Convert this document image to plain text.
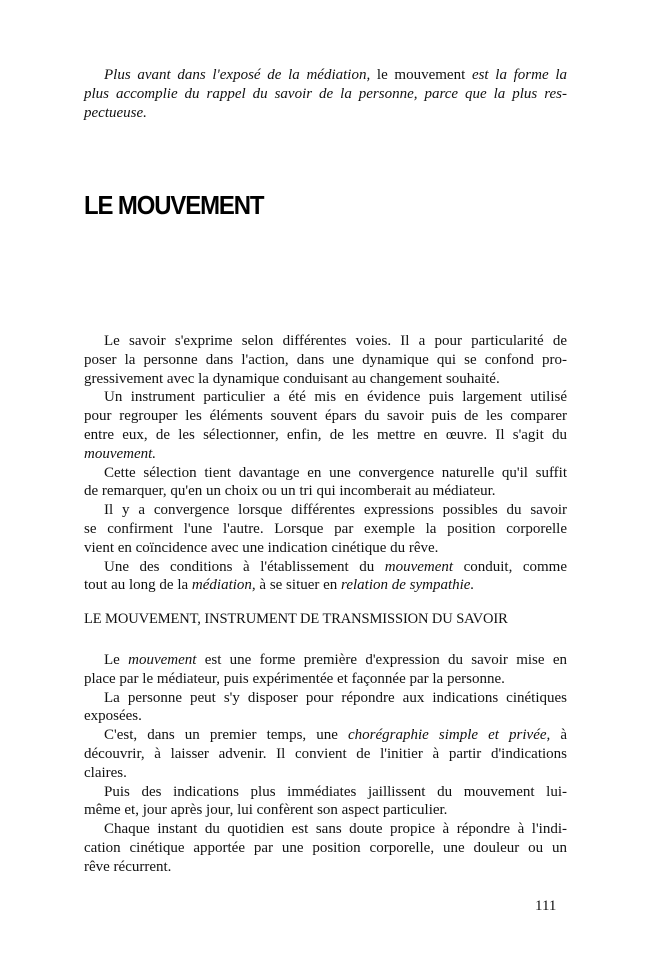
Plus avant dans l'exposé de la médiation, le mouvement est la forme la
plus accomplie du rappel du savoir de la personne, parce que la plus res-
pectueuse.
LE MOUVEMENT
Le savoir s'exprime selon différentes voies. Il a pour particularité de
poser la personne dans l'action, dans une dynamique qui se confond pro-
gressivement avec la dynamique conduisant au changement souhaité.
Un instrument particulier a été mis en évidence puis largement utilisé
pour regrouper les éléments souvent épars du savoir puis de les comparer
entre eux, de les sélectionner, enfin, de les mettre en œuvre. Il s'agit du
mouvement.
Cette sélection tient davantage en une convergence naturelle qu'il suffit
de remarquer, qu'en un choix ou un tri qui incomberait au médiateur.
Il y a convergence lorsque différentes expressions possibles du savoir
se confirment l'une l'autre. Lorsque par exemple la position corporelle
vient en coïncidence avec une indication cinétique du rêve.
Une des conditions à l'établissement du mouvement conduit, comme
tout au long de la médiation, à se situer en relation de sympathie.
LE MOUVEMENT, INSTRUMENT DE TRANSMISSION DU SAVOIR
Le mouvement est une forme première d'expression du savoir mise en
place par le médiateur, puis expérimentée et façonnée par la personne.
La personne peut s'y disposer pour répondre aux indications cinétiques
exposées.
C'est, dans un premier temps, une chorégraphie simple et privée, à
découvrir, à laisser advenir. Il convient de l'initier à partir d'indications
claires.
Puis des indications plus immédiates jaillissent du mouvement lui-
même et, jour après jour, lui confèrent son aspect particulier.
Chaque instant du quotidien est sans doute propice à répondre à l'indi-
cation cinétique apportée par une position corporelle, une douleur ou un
rêve récurrent.
111
